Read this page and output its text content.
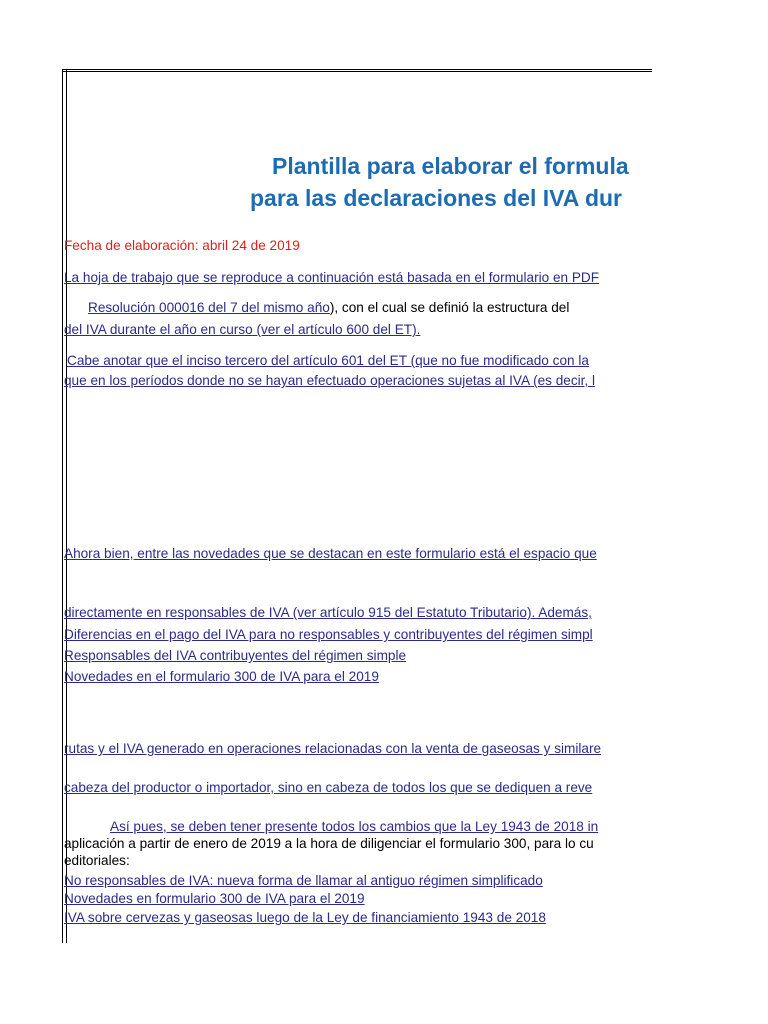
Plantilla para elaborar el formula
para las declaraciones del IVA dur
Fecha de elaboración: abril 24 de 2019
La hoja de trabajo que se reproduce a continuación está basada en el formulario en PDF
Resolución 000016 del 7 del mismo año), con el cual se definió la estructura del
del IVA durante el año en curso (ver el artículo 600 del ET).
Cabe anotar que el inciso tercero del artículo 601 del ET (que no fue modificado con la
que en los períodos donde no se hayan efectuado operaciones sujetas al IVA (es decir, l
Ahora bien, entre las novedades que se destacan en este formulario está el espacio que
directamente en responsables de IVA (ver artículo 915 del Estatuto Tributario). Además,
Diferencias en el pago del IVA para no responsables y contribuyentes del régimen simpl
Responsables del IVA contribuyentes del régimen simple
Novedades en el formulario 300 de IVA para el 2019
rutas y el IVA generado en operaciones relacionadas con la venta de gaseosas y similare
cabeza del productor o importador, sino en cabeza de todos los que se dediquen a reve
Así pues, se deben tener presente todos los cambios que la Ley 1943 de 2018 in
aplicación a partir de enero de 2019 a la hora de diligenciar el formulario 300, para lo cu
editoriales:
No responsables de IVA: nueva forma de llamar al antiguo régimen simplificado
Novedades en formulario 300 de IVA para el 2019
IVA sobre cervezas y gaseosas luego de la Ley de financiamiento 1943 de 2018
